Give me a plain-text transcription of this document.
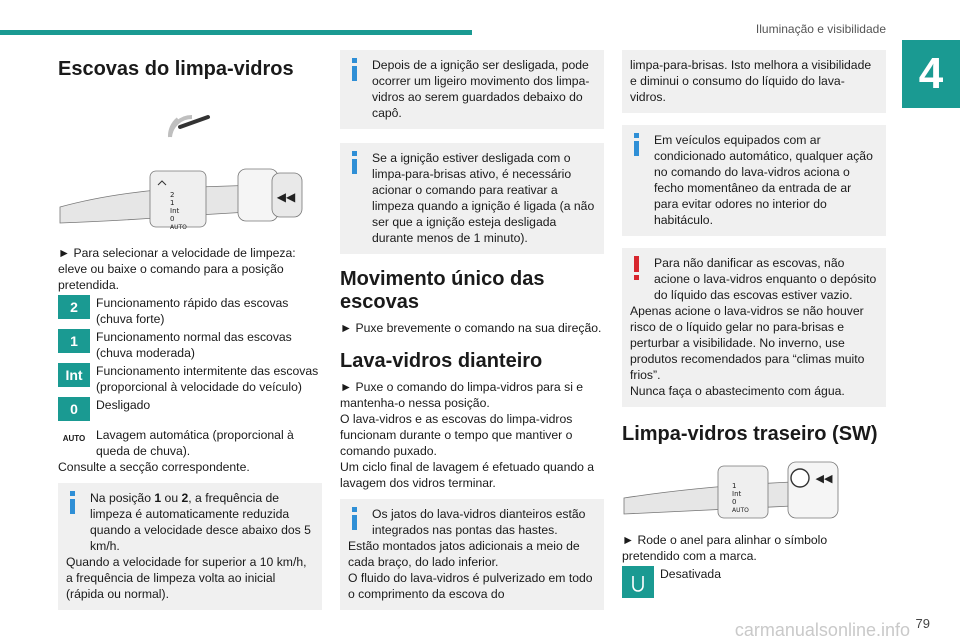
Iluminação e visibilidade
4
carmanualsonline.info 79
Escovas do limpa-vidros
◀◀
2
1
Int
0
AUTO
► Para selecionar a velocidade de limpeza: eleve ou baixe o comando para a posição pretendida.
2	Funcionamento rápido das escovas (chuva forte)
1	Funcionamento normal das escovas (chuva moderada)
Int	Funcionamento intermitente das escovas (proporcional à velocidade do veículo)
0	Desligado
AUTO Lavagem automática (proporcional à queda de chuva).
Consulte a secção correspondente.
Na posição 1 ou 2, a frequência de limpeza é automaticamente reduzida quando a velocidade desce abaixo dos 5 km/h.
Quando a velocidade for superior a 10 km/h, a frequência de limpeza volta ao inicial (rápida ou normal).
Depois de a ignição ser desligada, pode ocorrer um ligeiro movimento dos limpa-vidros ao serem guardados debaixo do capô.
Se a ignição estiver desligada com o limpa-para-brisas ativo, é necessário acionar o comando para reativar a limpeza quando a ignição é ligada (a não ser que a ignição esteja desligada durante menos de 1 minuto).
Movimento único das escovas
► Puxe brevemente o comando na sua direção.
Lava-vidros dianteiro
► Puxe o comando do limpa-vidros para si e mantenha-o nessa posição.
O lava-vidros e as escovas do limpa-vidros funcionam durante o tempo que mantiver o comando puxado.
Um ciclo final de lavagem é efetuado quando a lavagem dos vidros terminar.
Os jatos do lava-vidros dianteiros estão integrados nas pontas das hastes.
Estão montados jatos adicionais a meio de cada braço, do lado inferior.
O fluido do lava-vidros é pulverizado em todo o comprimento da escova do
limpa-para-brisas. Isto melhora a visibilidade e diminui o consumo do líquido do lava-vidros.
Em veículos equipados com ar condicionado automático, qualquer ação no comando do lava-vidros aciona o fecho momentâneo da entrada de ar para evitar odores no interior do habitáculo.
Para não danificar as escovas, não acione o lava-vidros enquanto o depósito do líquido das escovas estiver vazio.
Apenas acione o lava-vidros se não houver risco de o líquido gelar no para-brisas e perturbar a visibilidade. No inverno, use produtos recomendados para “climas muito frios”.
Nunca faça o abastecimento com água.
Limpa-vidros traseiro (SW)
◀◀
1
Int
0
AUTO
► Rode o anel para alinhar o símbolo pretendido com a marca.
Desativada
